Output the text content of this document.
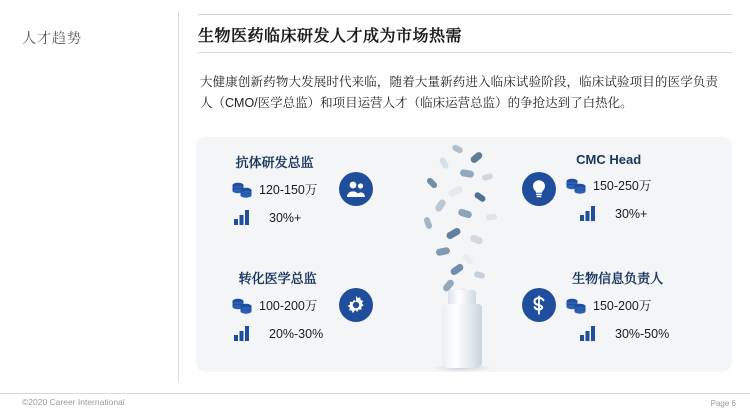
人才趋势	生物医药临床研发人才成为市场热需
大健康创新药物大发展时代来临，随着大量新药进入临床试验阶段，临床试验项目的医学负责人（CMO/医学总监）和项目运营人才（临床运营总监）的争抢达到了白热化。
抗体研发总监
120-150万
30%+
CMC Head
150-250万
30%+
转化医学总监
100-200万
20%-30%
生物信息负责人
150-200万
30%-50%
©2020 Career International	Page 6
